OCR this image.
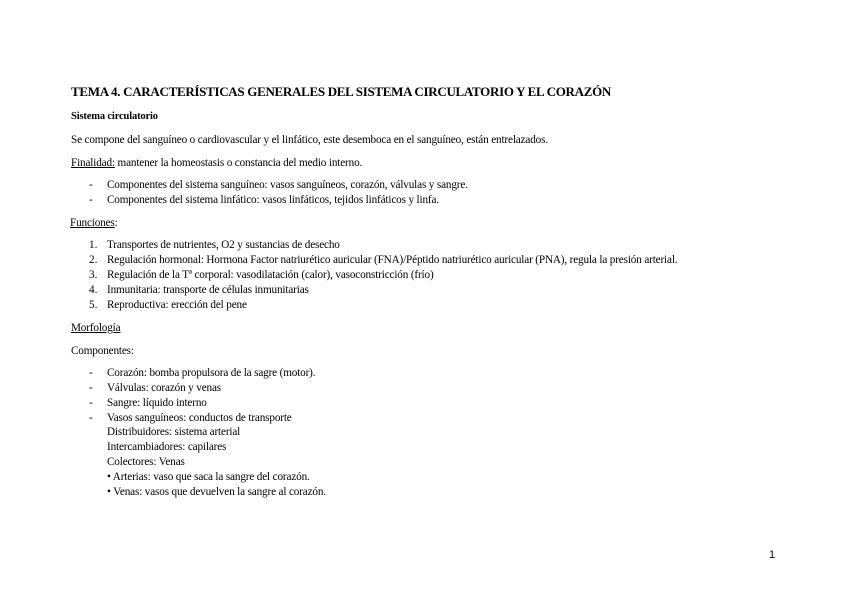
TEMA 4. CARACTERÍSTICAS GENERALES DEL SISTEMA CIRCULATORIO Y EL CORAZÓN
Sistema circulatorio
Se compone del sanguíneo o cardiovascular y el linfático, este desemboca en el sanguíneo, están entrelazados.
Finalidad: mantener la homeostasis o constancia del medio interno.
- Componentes del sistema sanguíneo: vasos sanguíneos, corazón, válvulas y sangre.
- Componentes del sistema linfático: vasos linfáticos, tejidos linfáticos y linfa.
Funciones:
1. Transportes de nutrientes, O2 y sustancias de desecho
2. Regulación hormonal: Hormona Factor natriurético auricular (FNA)/Péptido natriurético auricular (PNA), regula la presión arterial.
3. Regulación de la Tª corporal: vasodilatación (calor), vasoconstricción (frío)
4. Inmunitaria: transporte de células inmunitarias
5. Reproductiva: erección del pene
Morfología
Componentes:
- Corazón: bomba propulsora de la sagre (motor).
- Válvulas: corazón y venas
- Sangre: líquido interno
- Vasos sanguíneos: conductos de transporte
Distribuidores: sistema arterial
Intercambiadores: capilares
Colectores: Venas
• Arterias: vaso que saca la sangre del corazón.
• Venas: vasos que devuelven la sangre al corazón.
1
